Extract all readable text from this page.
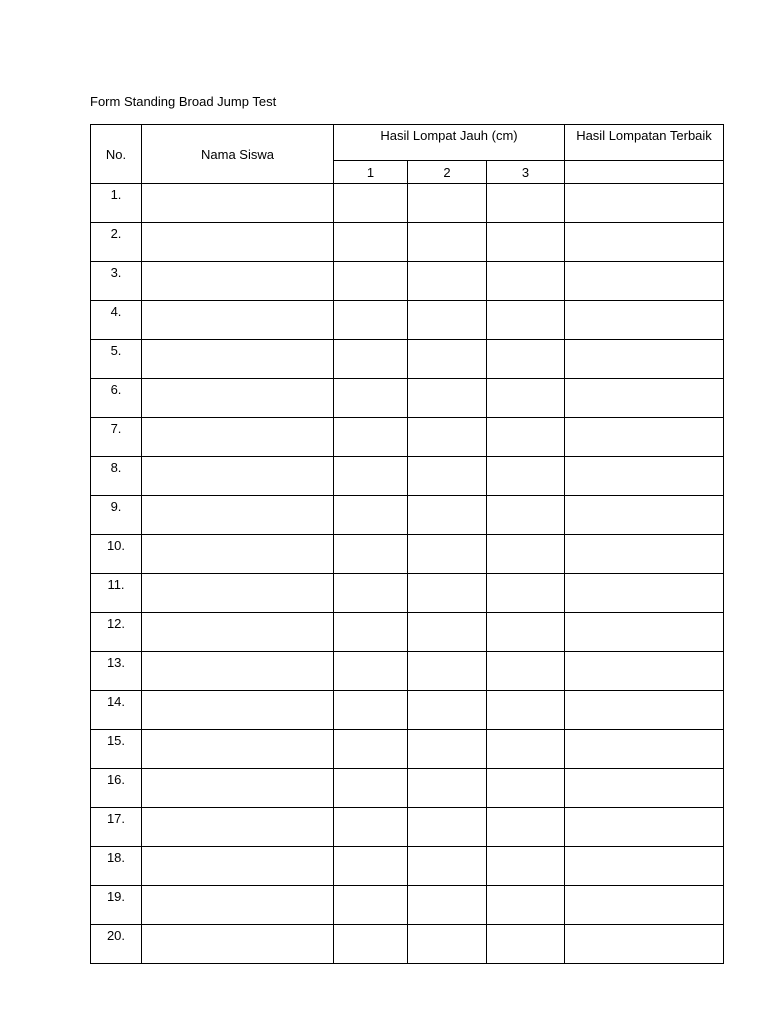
Form Standing Broad Jump Test
No.	Nama Siswa	Hasil Lompat Jauh (cm)			Hasil Lompatan Terbaik
		1	2	3	
1.					
2.					
3.					
4.					
5.					
6.					
7.					
8.					
9.					
10.					
11.					
12.					
13.					
14.					
15.					
16.					
17.					
18.					
19.					
20.					
